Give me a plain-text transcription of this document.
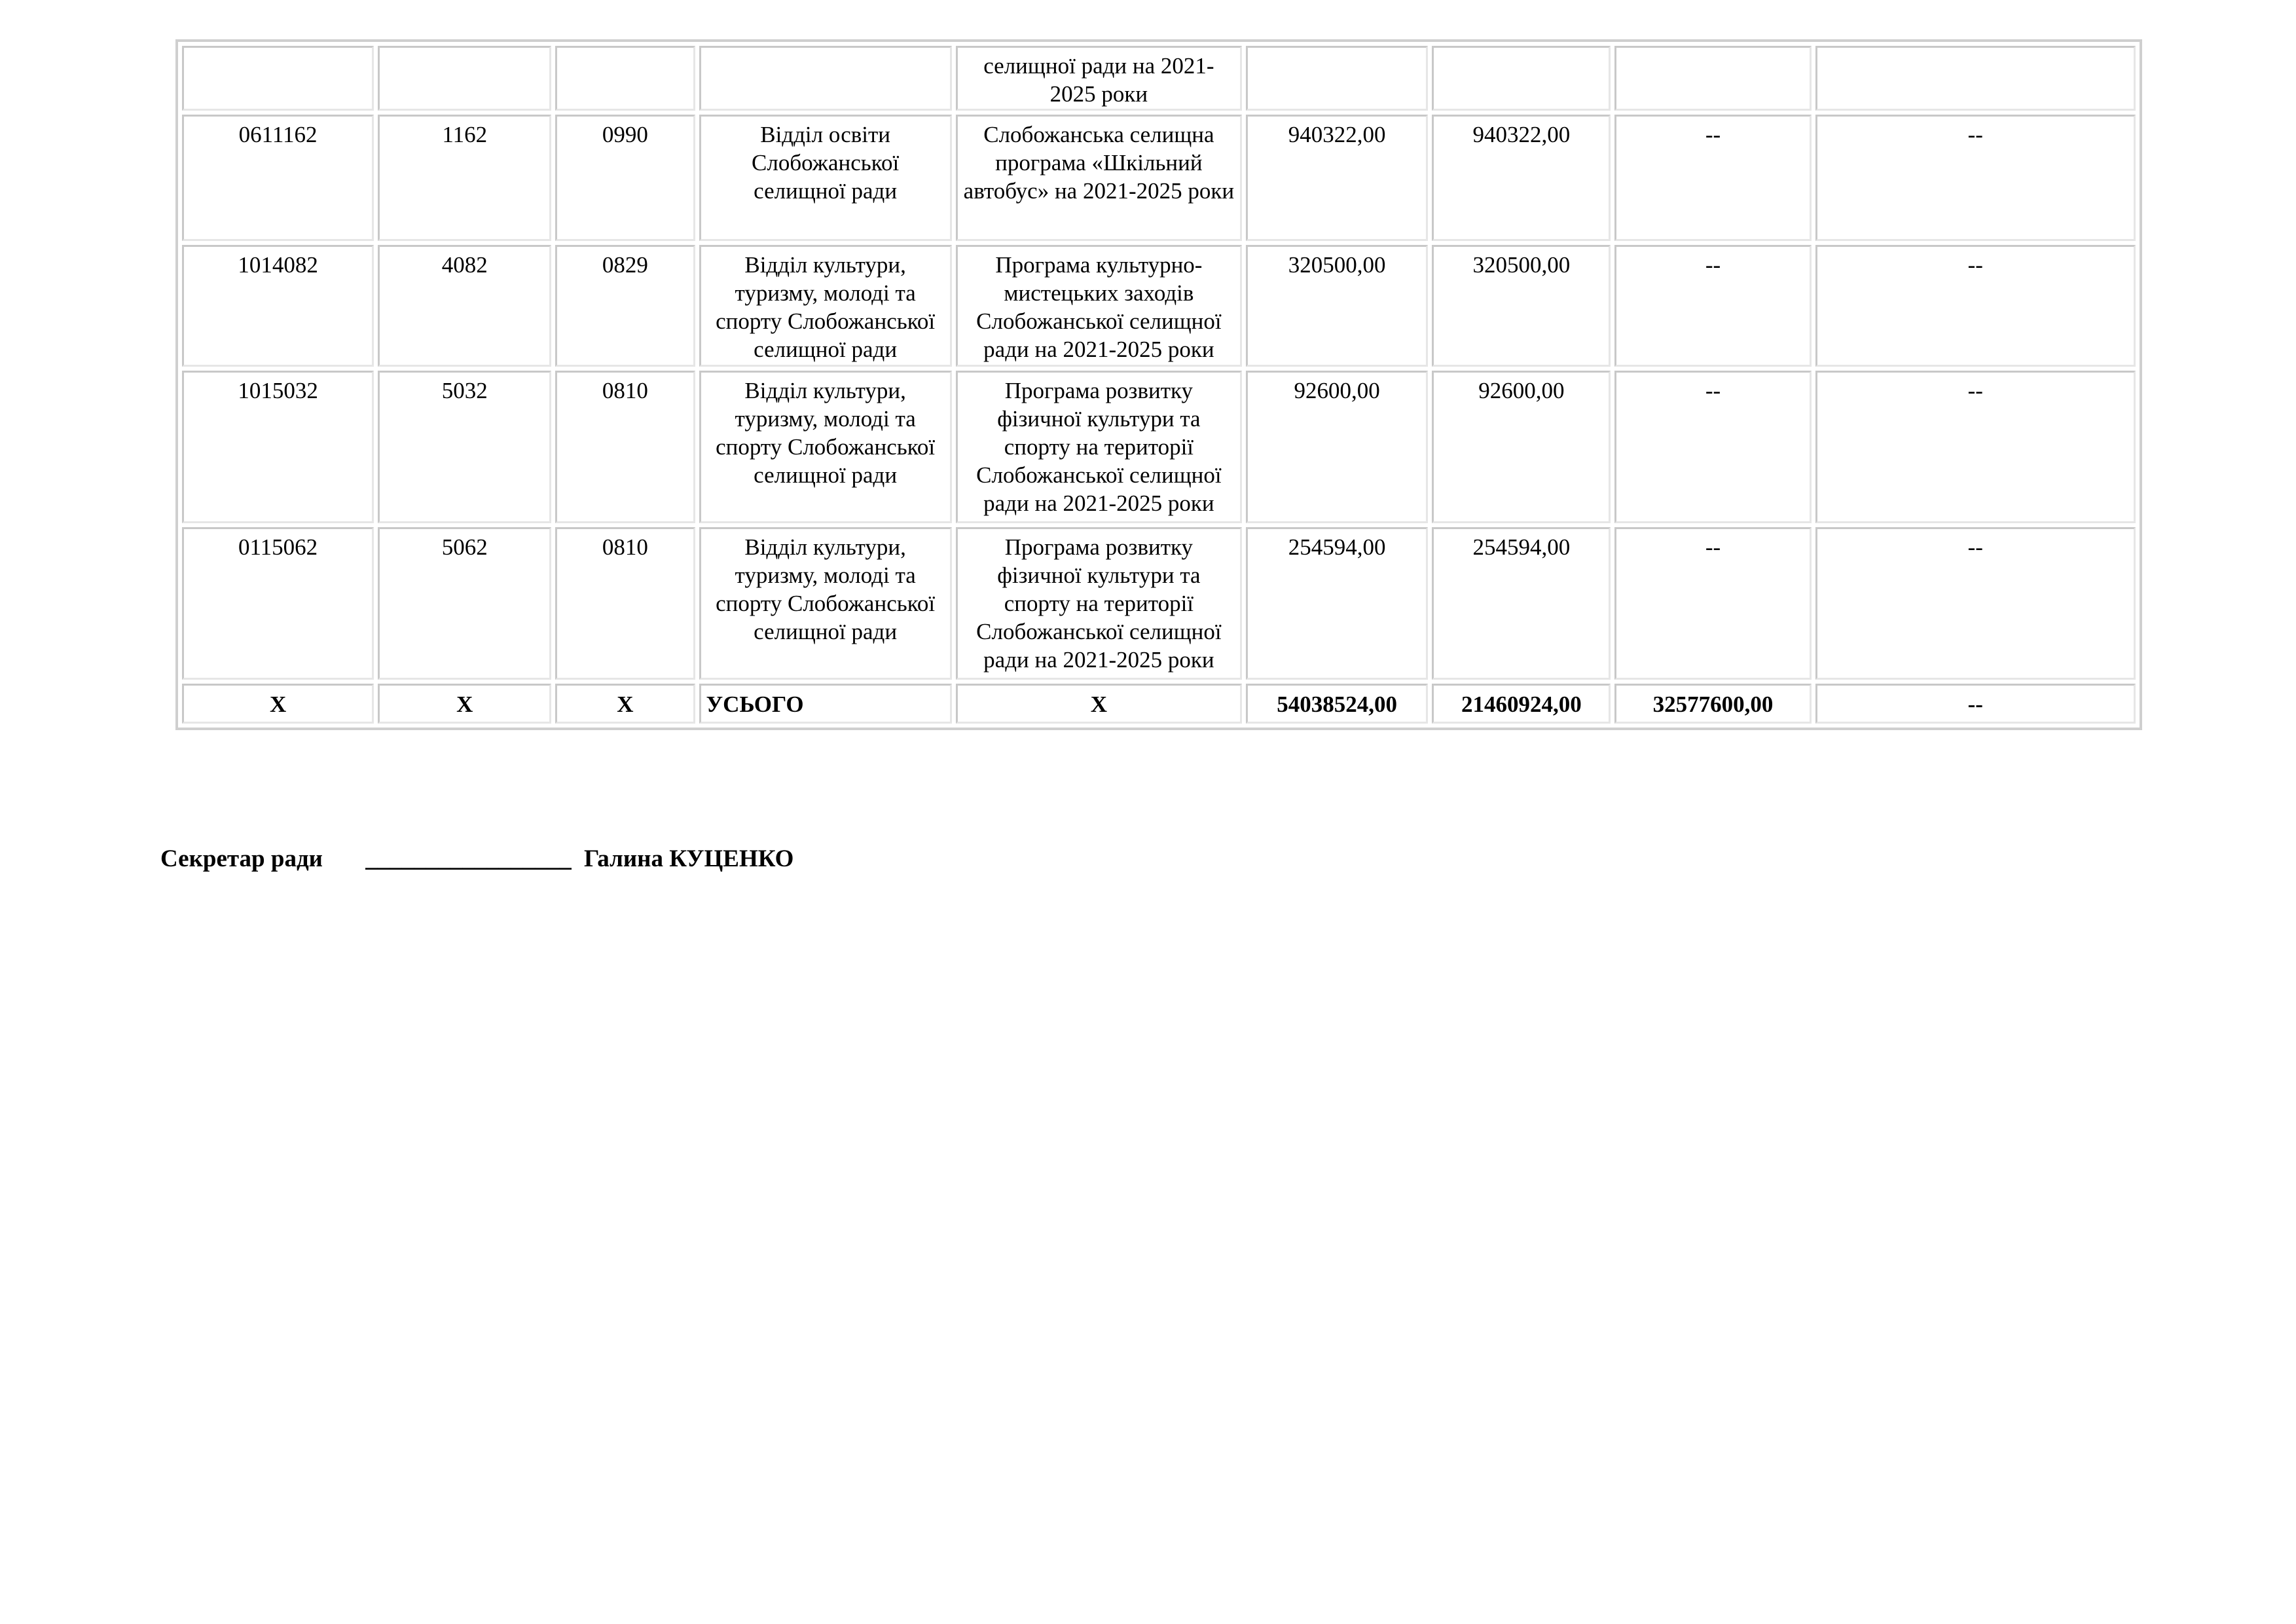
				селищної ради на 2021-2025 роки				
0611162	1162	0990	Відділ освіти Слобожанської селищної ради	Слобожанська селищна програма «Шкільний автобус» на 2021-2025 роки	940322,00	940322,00	--	--
1014082	4082	0829	Відділ культури, туризму, молоді та спорту Слобожанської селищної ради	Програма культурно-мистецьких заходів Слобожанської селищної ради на 2021-2025 роки	320500,00	320500,00	--	--
1015032	5032	0810	Відділ культури, туризму, молоді та спорту Слобожанської селищної ради	Програма розвитку фізичної культури та спорту на території Слобожанської селищної ради на 2021-2025 роки	92600,00	92600,00	--	--
0115062	5062	0810	Відділ культури, туризму, молоді та спорту Слобожанської селищної ради	Програма розвитку фізичної культури та спорту на території Слобожанської селищної ради на 2021-2025 роки	254594,00	254594,00	--	--
X	X	X	УСЬОГО	X	54038524,00	21460924,00	32577600,00	--
Секретар ради _________________ Галина КУЦЕНКО
